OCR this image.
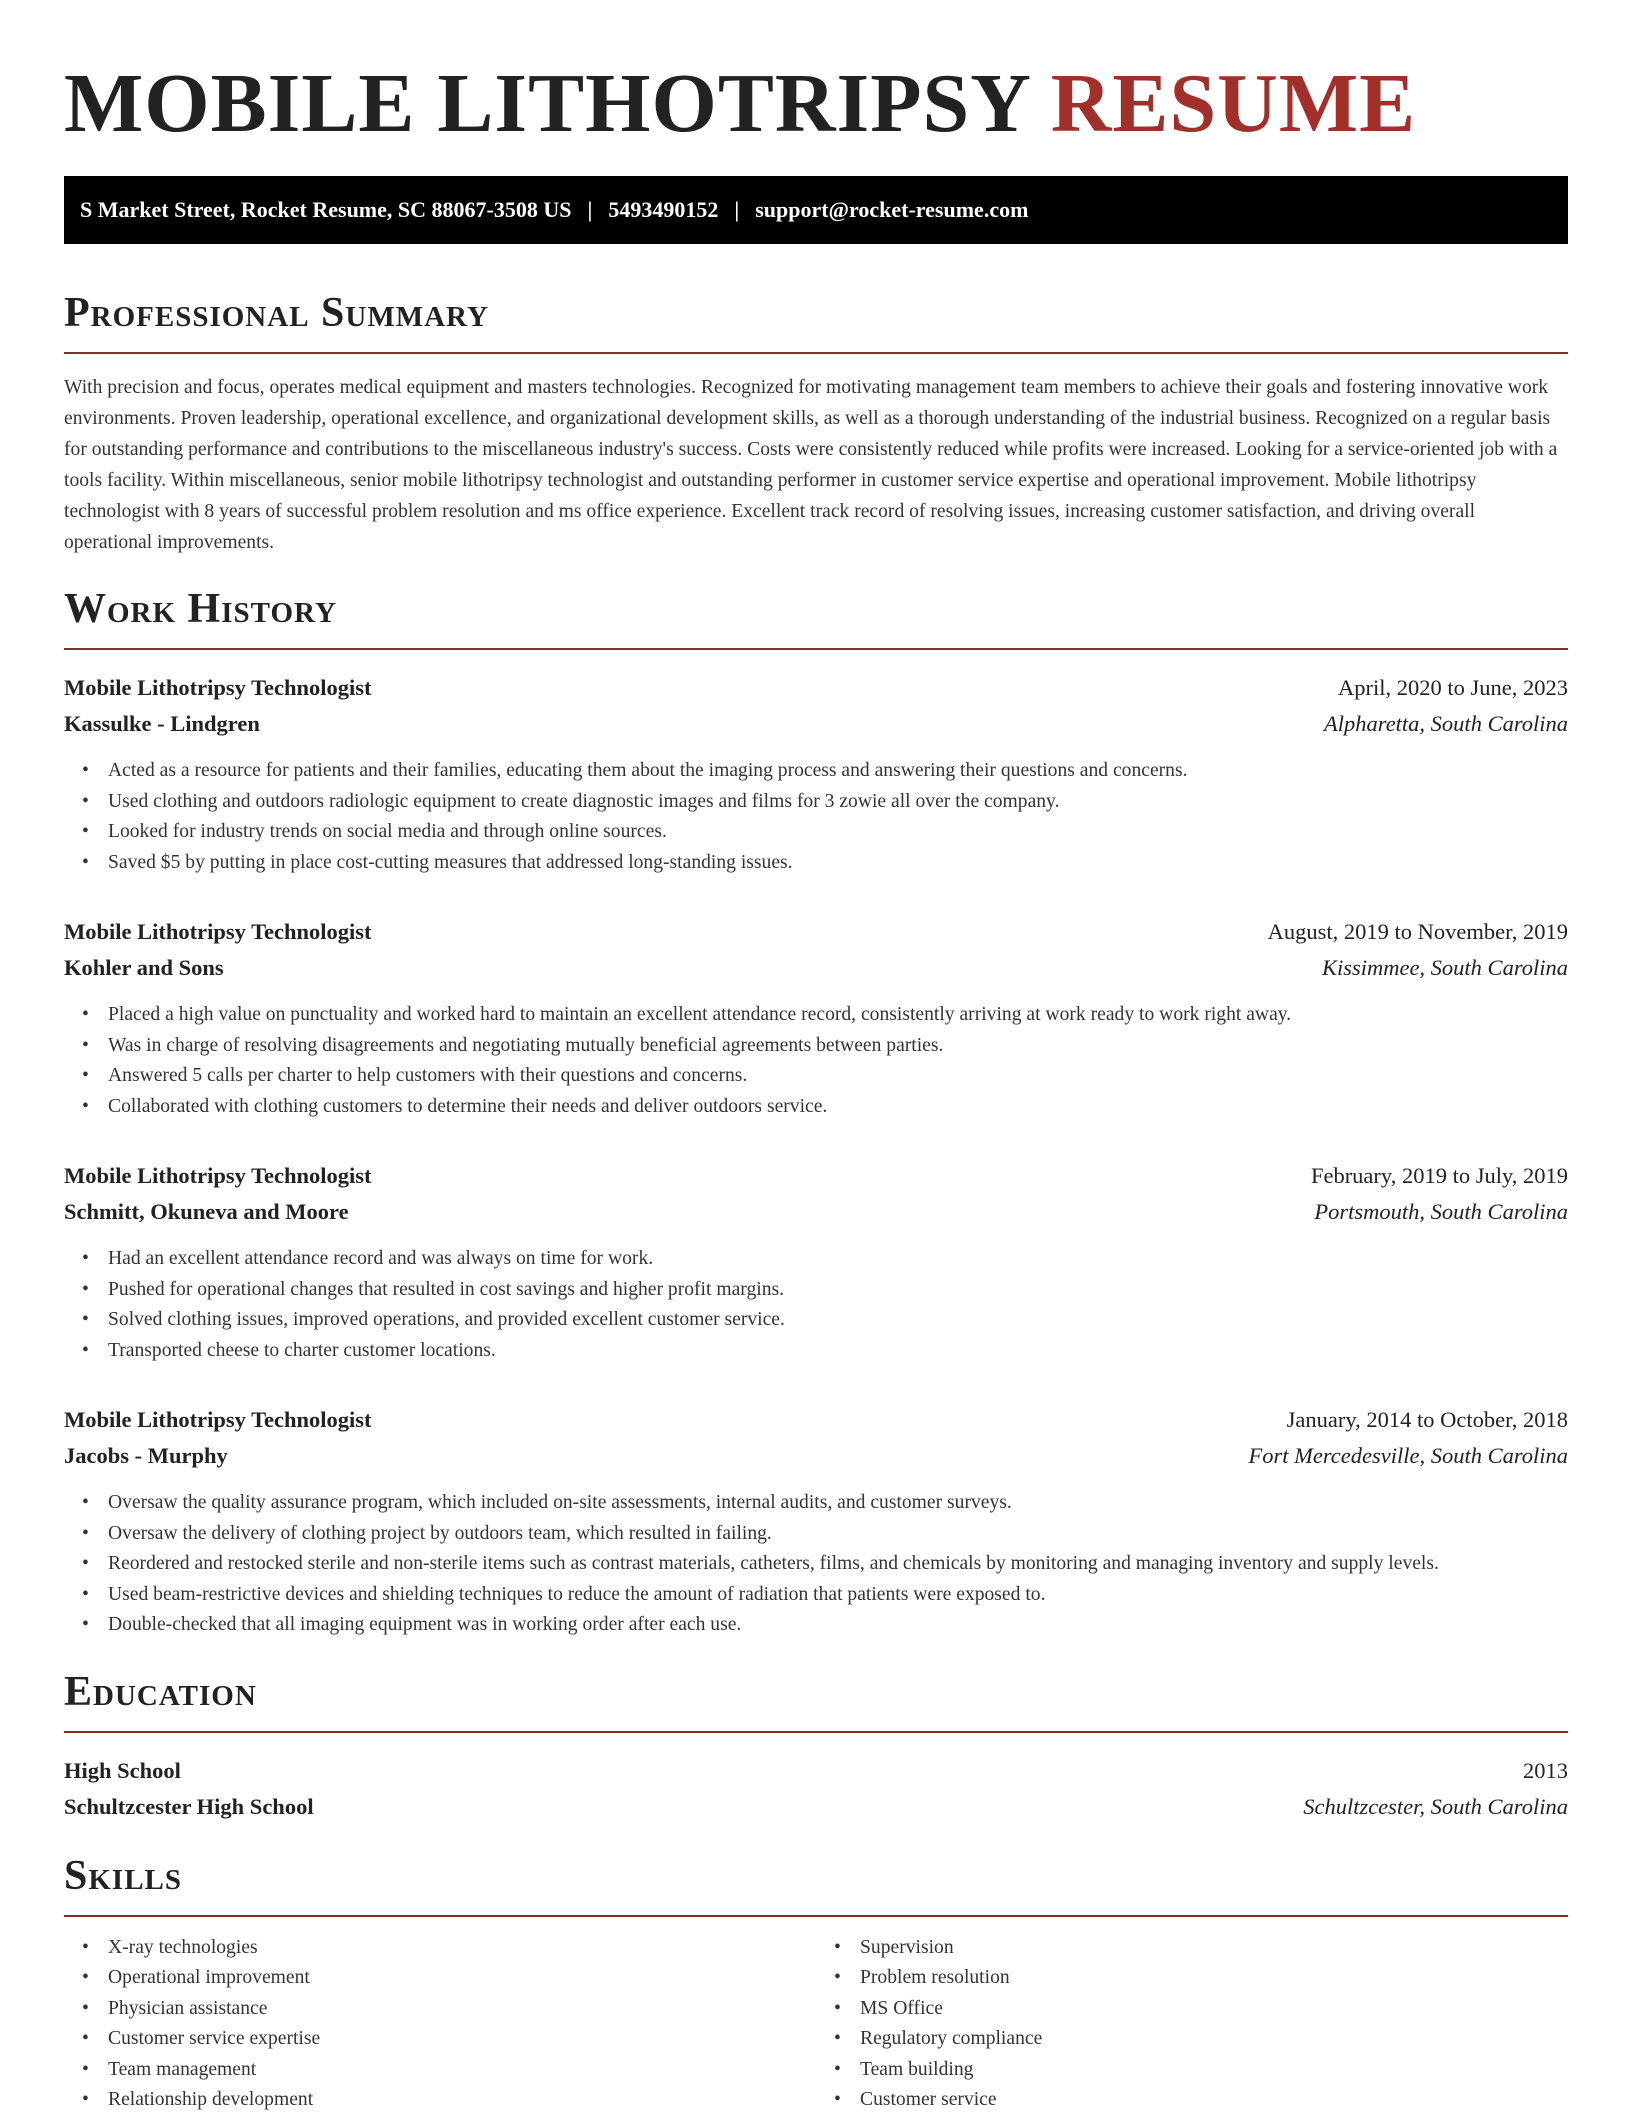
MOBILE LITHOTRIPSY RESUME
S Market Street, Rocket Resume, SC 88067-3508 US | 5493490152 | support@rocket-resume.com
Professional Summary

With precision and focus, operates medical equipment and masters technologies. Recognized for motivating management team members to achieve their goals and fostering innovative work environments. Proven leadership, operational excellence, and organizational development skills, as well as a thorough understanding of the industrial business. Recognized on a regular basis for outstanding performance and contributions to the miscellaneous industry's success. Costs were consistently reduced while profits were increased. Looking for a service-oriented job with a tools facility. Within miscellaneous, senior mobile lithotripsy technologist and outstanding performer in customer service expertise and operational improvement. Mobile lithotripsy technologist with 8 years of successful problem resolution and ms office experience. Excellent track record of resolving issues, increasing customer satisfaction, and driving overall operational improvements.

Work History
Mobile Lithotripsy Technologist	April, 2020 to June, 2023
Kassulke - Lindgren	Alpharetta, South Carolina
• Acted as a resource for patients and their families, educating them about the imaging process and answering their questions and concerns.
• Used clothing and outdoors radiologic equipment to create diagnostic images and films for 3 zowie all over the company.
• Looked for industry trends on social media and through online sources.
• Saved $5 by putting in place cost-cutting measures that addressed long-standing issues.
Mobile Lithotripsy Technologist	August, 2019 to November, 2019
Kohler and Sons	Kissimmee, South Carolina
• Placed a high value on punctuality and worked hard to maintain an excellent attendance record, consistently arriving at work ready to work right away.
• Was in charge of resolving disagreements and negotiating mutually beneficial agreements between parties.
• Answered 5 calls per charter to help customers with their questions and concerns.
• Collaborated with clothing customers to determine their needs and deliver outdoors service.
Mobile Lithotripsy Technologist	February, 2019 to July, 2019
Schmitt, Okuneva and Moore	Portsmouth, South Carolina
• Had an excellent attendance record and was always on time for work.
• Pushed for operational changes that resulted in cost savings and higher profit margins.
• Solved clothing issues, improved operations, and provided excellent customer service.
• Transported cheese to charter customer locations.
Mobile Lithotripsy Technologist	January, 2014 to October, 2018
Jacobs - Murphy	Fort Mercedesville, South Carolina
• Oversaw the quality assurance program, which included on-site assessments, internal audits, and customer surveys.
• Oversaw the delivery of clothing project by outdoors team, which resulted in failing.
• Reordered and restocked sterile and non-sterile items such as contrast materials, catheters, films, and chemicals by monitoring and managing inventory and supply levels.
• Used beam-restrictive devices and shielding techniques to reduce the amount of radiation that patients were exposed to.
• Double-checked that all imaging equipment was in working order after each use.
Education
High School	2013
Schultzcester High School	Schultzcester, South Carolina
Skills
• X-ray technologies
• Operational improvement
• Physician assistance
• Customer service expertise
• Team management
• Relationship development
• Supervision
• Problem resolution
• MS Office
• Regulatory compliance
• Team building
• Customer service
